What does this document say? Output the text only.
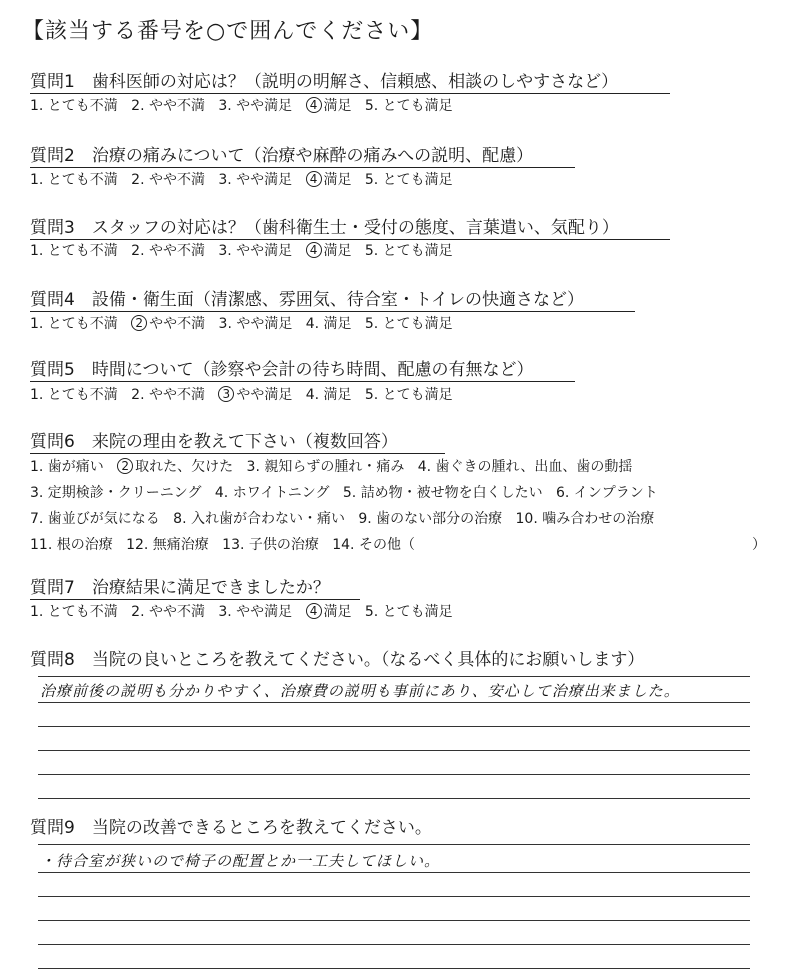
【該当する番号を○で囲んでください】
質問1　歯科医師の対応は？（説明の明解さ、信頼感、相談のしやすさなど）
1. とても不満 2. やや不満 3. やや満足 4 満足 5. とても満足
質問2　治療の痛みについて（治療や麻酔の痛みへの説明、配慮）
1. とても不満 2. やや不満 3. やや満足 4 満足 5. とても満足
質問3　スタッフの対応は？（歯科衛生士・受付の態度、言葉遣い、気配り）
1. とても不満 2. やや不満 3. やや満足 4 満足 5. とても満足
質問4　設備・衛生面（清潔感、雰囲気、待合室・トイレの快適さなど）
1. とても不満 2 やや不満 3. やや満足 4. 満足 5. とても満足
質問5　時間について（診察や会計の待ち時間、配慮の有無など）
1. とても不満 2. やや不満 3 やや満足 4. 満足 5. とても満足
質問6　来院の理由を教えて下さい（複数回答）
1. 歯が痛い 2 取れた、欠けた 3. 親知らずの腫れ・痛み 4. 歯ぐきの腫れ、出血、歯の動揺
3. 定期検診・クリーニング 4. ホワイトニング 5. 詰め物・被せ物を白くしたい 6. インプラント
7. 歯並びが気になる 8. 入れ歯が合わない・痛い 9. 歯のない部分の治療 10. 噛み合わせの治療
11. 根の治療 12. 無痛治療 13. 子供の治療 14. その他（	）
質問7　治療結果に満足できましたか？
1. とても不満 2. やや不満 3. やや満足 4 満足 5. とても満足
質問8　当院の良いところを教えてください。（なるべく具体的にお願いします）
治療前後の説明も分かりやすく、治療費の説明も事前にあり、安心して治療出来ました。
質問9　当院の改善できるところを教えてください。
・待合室が狭いので椅子の配置とか一工夫してほしい。
